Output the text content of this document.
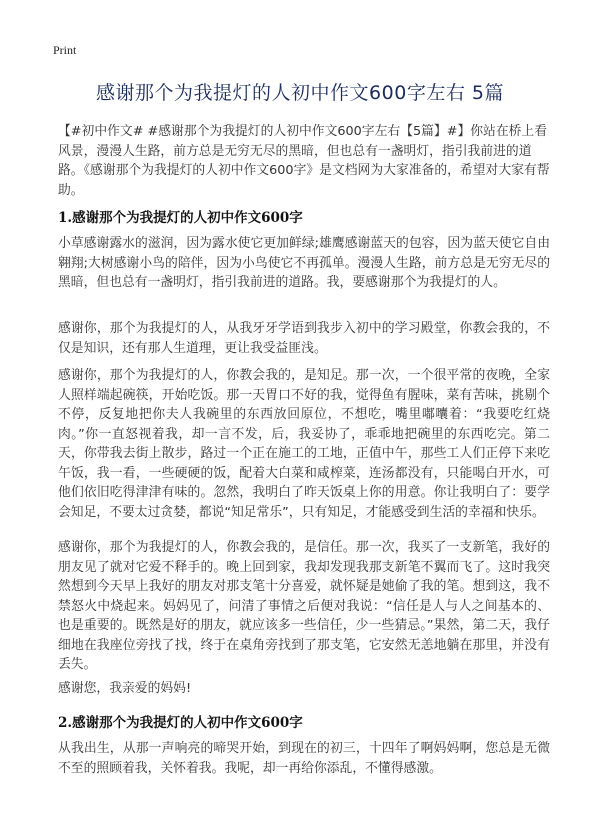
Print
感谢那个为我提灯的人初中作文600字左右 5篇

【#初中作文# #感谢那个为我提灯的人初中作文600字左右【5篇】#】你站在桥上看风景，漫漫人生路，前方总是无穷无尽的黑暗，但也总有一盏明灯，指引我前进的道路。《感谢那个为我提灯的人初中作文600字》是文档网为大家准备的，希望对大家有帮助。

1.感谢那个为我提灯的人初中作文600字

小草感谢露水的滋润，因为露水使它更加鲜绿;雄鹰感谢蓝天的包容，因为蓝天使它自由翱翔;大树感谢小鸟的陪伴，因为小鸟使它不再孤单。漫漫人生路，前方总是无穷无尽的黑暗，但也总有一盏明灯，指引我前进的道路。我，要感谢那个为我提灯的人。

感谢你，那个为我提灯的人，从我牙牙学语到我步入初中的学习殿堂，你教会我的，不仅是知识，还有那人生道理，更让我受益匪浅。

感谢你，那个为我提灯的人，你教会我的，是知足。那一次，一个很平常的夜晚，全家人照样端起碗筷，开始吃饭。那一天胃口不好的我，觉得鱼有腥味，菜有苦味，挑剔个不停，反复地把你夫人我碗里的东西放回原位，不想吃，嘴里嘟囔着：“我要吃红烧肉。”你一直怒视着我，却一言不发，后，我妥协了，乖乖地把碗里的东西吃完。第二天，你带我去街上散步，路过一个正在施工的工地，正值中午，那些工人们正停下来吃午饭，我一看，一些硬硬的饭，配着大白菜和咸榨菜，连汤都没有，只能喝白开水，可他们依旧吃得津津有味的。忽然，我明白了昨天饭桌上你的用意。你让我明白了：要学会知足，不要太过贪婪，都说“知足常乐”，只有知足，才能感受到生活的幸福和快乐。

感谢你，那个为我提灯的人，你教会我的，是信任。那一次，我买了一支新笔，我好的朋友见了就对它爱不释手的。晚上回到家，我却发现我那支新笔不翼而飞了。这时我突然想到今天早上我好的朋友对那支笔十分喜爱，就怀疑是她偷了我的笔。想到这，我不禁怒火中烧起来。妈妈见了，问清了事情之后便对我说：“信任是人与人之间基本的、也是重要的。既然是好的朋友，就应该多一些信任，少一些猜忌。”果然，第二天，我仔细地在我座位旁找了找，终于在桌角旁找到了那支笔，它安然无恙地躺在那里，并没有丢失。

感谢您，我亲爱的妈妈!

2.感谢那个为我提灯的人初中作文600字

从我出生，从那一声响亮的啼哭开始，到现在的初三，十四年了啊妈妈啊，您总是无微不至的照顾着我，关怀着我。我呢，却一再给你添乱，不懂得感激。
